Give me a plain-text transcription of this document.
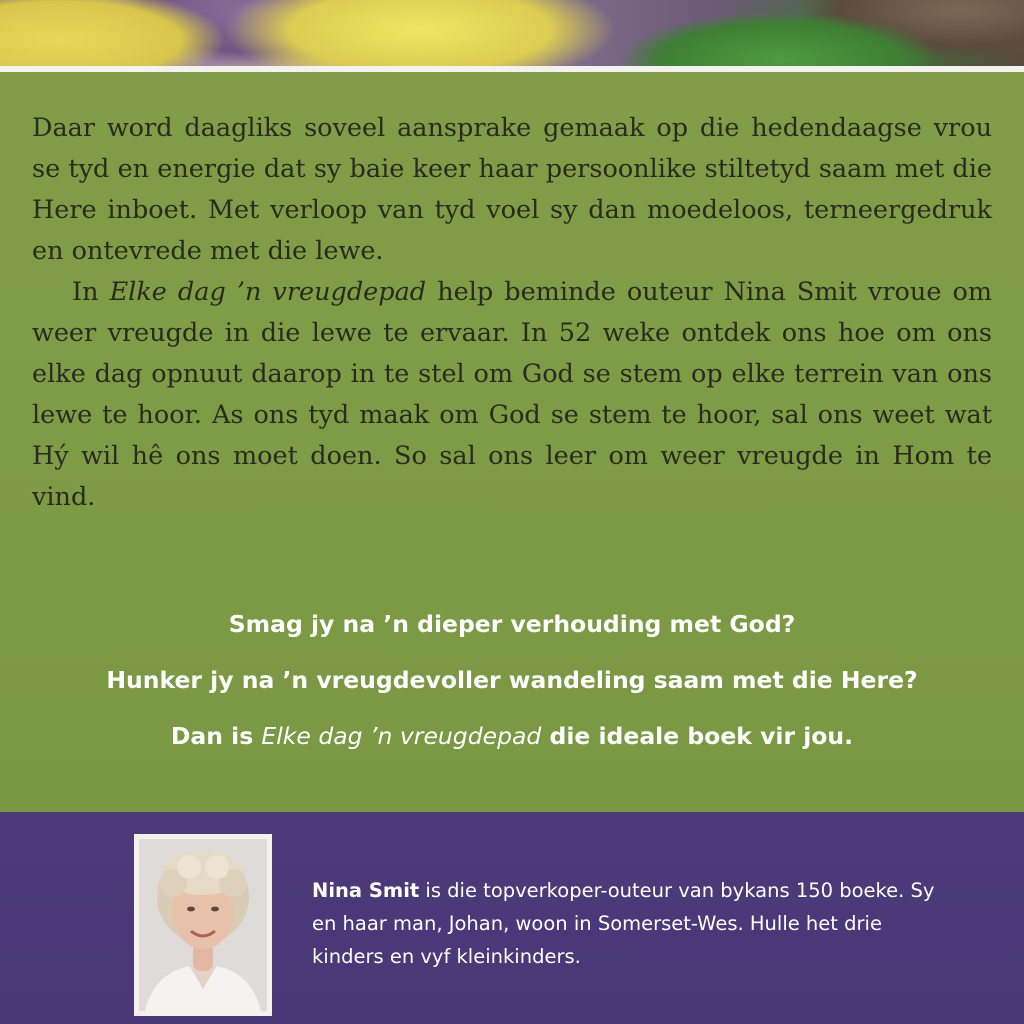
Daar word daagliks soveel aansprake gemaak op die hedendaagse vrou se tyd en energie dat sy baie keer haar persoonlike stiltetyd saam met die Here inboet. Met verloop van tyd voel sy dan moedeloos, terneergedruk en ontevrede met die lewe.

In Elke dag ’n vreugdepad help beminde outeur Nina Smit vroue om weer vreugde in die lewe te ervaar. In 52 weke ontdek ons hoe om ons elke dag opnuut daarop in te stel om God se stem op elke terrein van ons lewe te hoor. As ons tyd maak om God se stem te hoor, sal ons weet wat Hý wil hê ons moet doen. So sal ons leer om weer vreugde in Hom te vind.

Smag jy na ’n dieper verhouding met God?
Hunker jy na ’n vreugdevoller wandeling saam met die Here?
Dan is Elke dag ’n vreugdepad die ideale boek vir jou.

Nina Smit is die topverkoper-outeur van bykans 150 boeke. Sy en haar man, Johan, woon in Somerset-Wes. Hulle het drie kinders en vyf kleinkinders.
